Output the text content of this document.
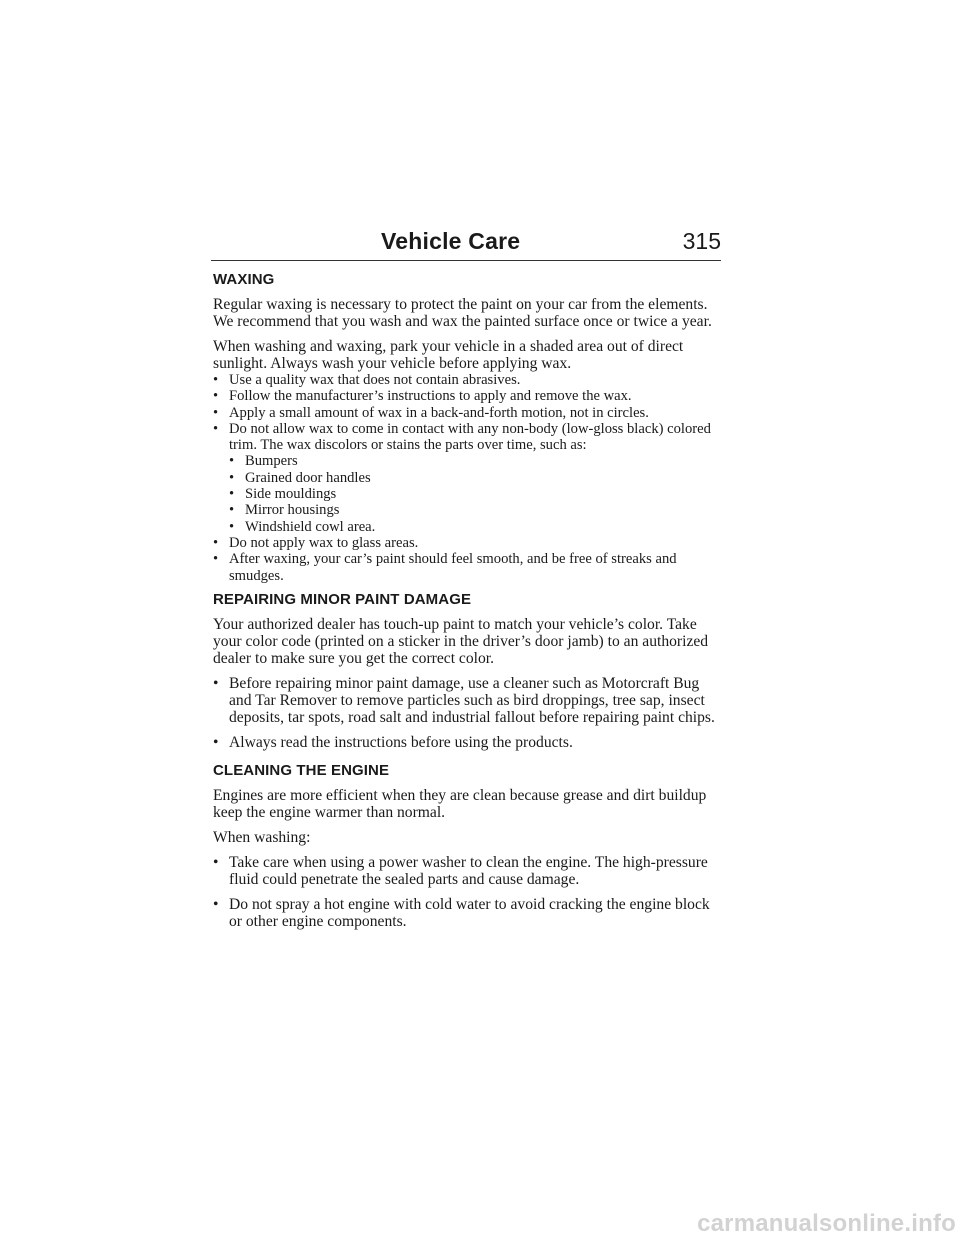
Vehicle Care	315
WAXING

Regular waxing is necessary to protect the paint on your car from the elements. We recommend that you wash and wax the painted surface once or twice a year.

When washing and waxing, park your vehicle in a shaded area out of direct sunlight. Always wash your vehicle before applying wax.

• Use a quality wax that does not contain abrasives.
• Follow the manufacturer’s instructions to apply and remove the wax.
• Apply a small amount of wax in a back-and-forth motion, not in circles.
• Do not allow wax to come in contact with any non-body (low-gloss black) colored trim. The wax discolors or stains the parts over time, such as:
• Bumpers
• Grained door handles
• Side mouldings
• Mirror housings
• Windshield cowl area.
• Do not apply wax to glass areas.
• After waxing, your car’s paint should feel smooth, and be free of streaks and smudges.
REPAIRING MINOR PAINT DAMAGE

Your authorized dealer has touch-up paint to match your vehicle’s color. Take your color code (printed on a sticker in the driver’s door jamb) to an authorized dealer to make sure you get the correct color.

• Before repairing minor paint damage, use a cleaner such as Motorcraft Bug and Tar Remover to remove particles such as bird droppings, tree sap, insect deposits, tar spots, road salt and industrial fallout before repairing paint chips.
• Always read the instructions before using the products.
CLEANING THE ENGINE

Engines are more efficient when they are clean because grease and dirt buildup keep the engine warmer than normal.

When washing:

• Take care when using a power washer to clean the engine. The high-pressure fluid could penetrate the sealed parts and cause damage.
• Do not spray a hot engine with cold water to avoid cracking the engine block or other engine components.
carmanualsonline.info
